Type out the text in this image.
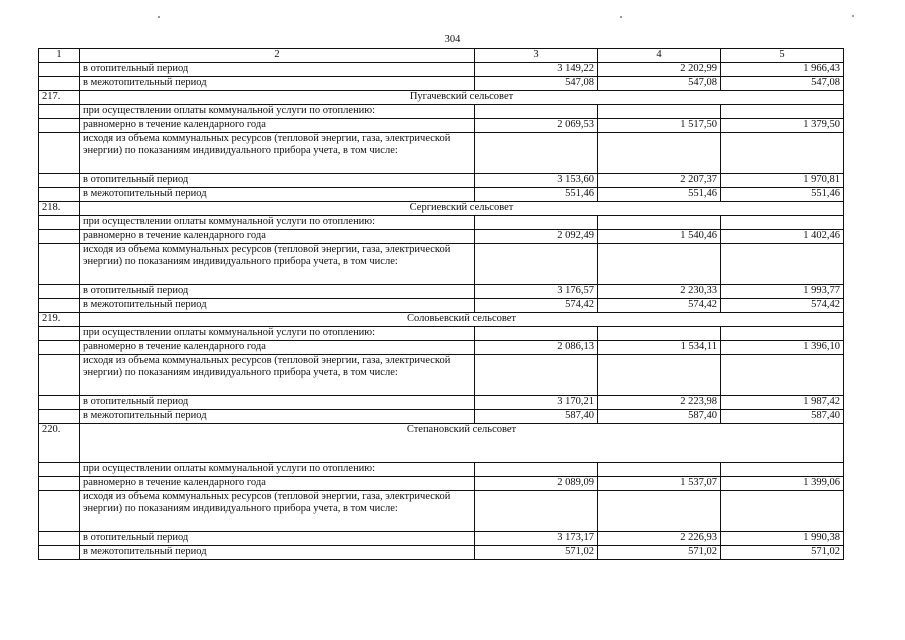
304
1	2	3	4	5
	в отопительный период	3 149,22	2 202,99	1 966,43
	в межотопительный период	547,08	547,08	547,08
217.	Пугачевский сельсовет			
	при осуществлении оплаты коммунальной услуги по отоплению:			
	равномерно в течение календарного года	2 069,53	1 517,50	1 379,50
	исходя из объема коммунальных ресурсов (тепловой энергии, газа, электрической энергии) по показаниям индивидуального прибора учета, в том числе:			
	в отопительный период	3 153,60	2 207,37	1 970,81
	в межотопительный период	551,46	551,46	551,46
218.	Сергиевский сельсовет			
	при осуществлении оплаты коммунальной услуги по отоплению:			
	равномерно в течение календарного года	2 092,49	1 540,46	1 402,46
	исходя из объема коммунальных ресурсов (тепловой энергии, газа, электрической энергии) по показаниям индивидуального прибора учета, в том числе:			
	в отопительный период	3 176,57	2 230,33	1 993,77
	в межотопительный период	574,42	574,42	574,42
219.	Соловьевский сельсовет			
	при осуществлении оплаты коммунальной услуги по отоплению:			
	равномерно в течение календарного года	2 086,13	1 534,11	1 396,10
	исходя из объема коммунальных ресурсов (тепловой энергии, газа, электрической энергии) по показаниям индивидуального прибора учета, в том числе:			
	в отопительный период	3 170,21	2 223,98	1 987,42
	в межотопительный период	587,40	587,40	587,40
220.	Степановский сельсовет			
	при осуществлении оплаты коммунальной услуги по отоплению:			
	равномерно в течение календарного года	2 089,09	1 537,07	1 399,06
	исходя из объема коммунальных ресурсов (тепловой энергии, газа, электрической энергии) по показаниям индивидуального прибора учета, в том числе:			
	в отопительный период	3 173,17	2 226,93	1 990,38
	в межотопительный период	571,02	571,02	571,02
